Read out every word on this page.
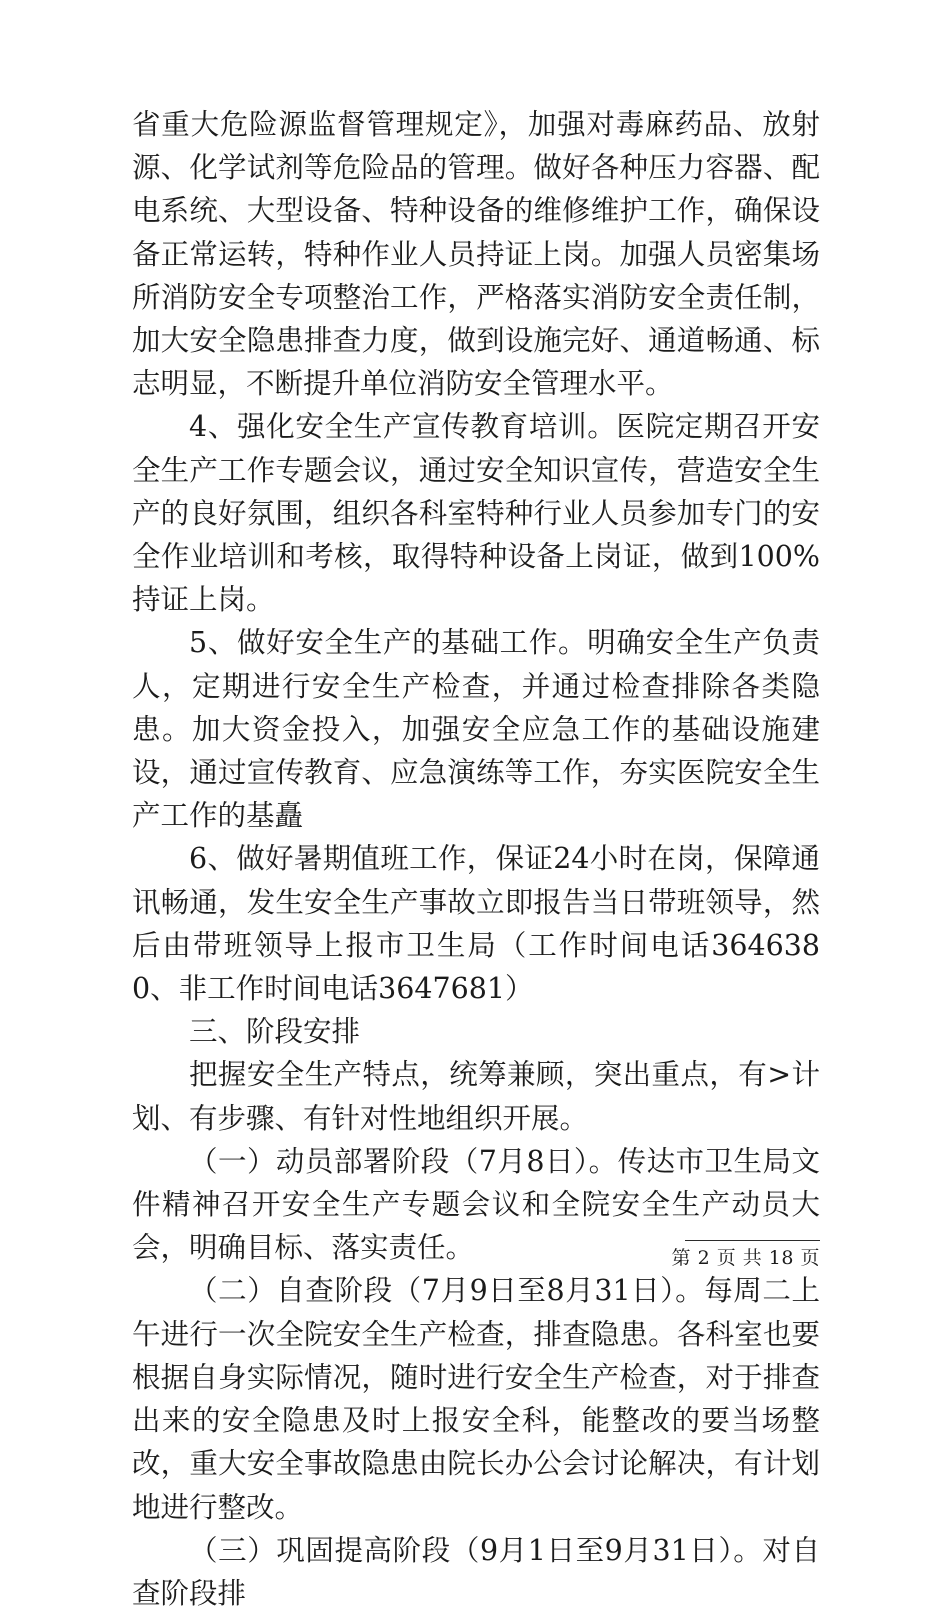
省重大危险源监督管理规定》，加强对毒麻药品、放射源、化学试剂等危险品的管理。做好各种压力容器、配电系统、大型设备、特种设备的维修维护工作，确保设备正常运转，特种作业人员持证上岗。加强人员密集场所消防安全专项整治工作，严格落实消防安全责任制，加大安全隐患排查力度，做到设施完好、通道畅通、标志明显，不断提升单位消防安全管理水平。

4、强化安全生产宣传教育培训。医院定期召开安全生产工作专题会议，通过安全知识宣传，营造安全生产的良好氛围，组织各科室特种行业人员参加专门的安全作业培训和考核，取得特种设备上岗证，做到100%持证上岗。

5、做好安全生产的基础工作。明确安全生产负责人，定期进行安全生产检查，并通过检查排除各类隐患。加大资金投入，加强安全应急工作的基础设施建设，通过宣传教育、应急演练等工作，夯实医院安全生产工作的基矗

6、做好暑期值班工作，保证24小时在岗，保障通讯畅通，发生安全生产事故立即报告当日带班领导，然后由带班领导上报市卫生局（工作时间电话3646380、非工作时间电话3647681）

三、阶段安排

把握安全生产特点，统筹兼顾，突出重点，有>计划、有步骤、有针对性地组织开展。

（一）动员部署阶段（7月8日）。传达市卫生局文件精神召开安全生产专题会议和全院安全生产动员大会，明确目标、落实责任。

（二）自查阶段（7月9日至8月31日）。每周二上午进行一次全院安全生产检查，排查隐患。各科室也要根据自身实际情况，随时进行安全生产检查，对于排查出来的安全隐患及时上报安全科，能整改的要当场整改，重大安全事故隐患由院长办公会讨论解决，有计划地进行整改。

（三）巩固提高阶段（9月1日至9月31日）。对自查阶段排

第 2 页 共 18 页
